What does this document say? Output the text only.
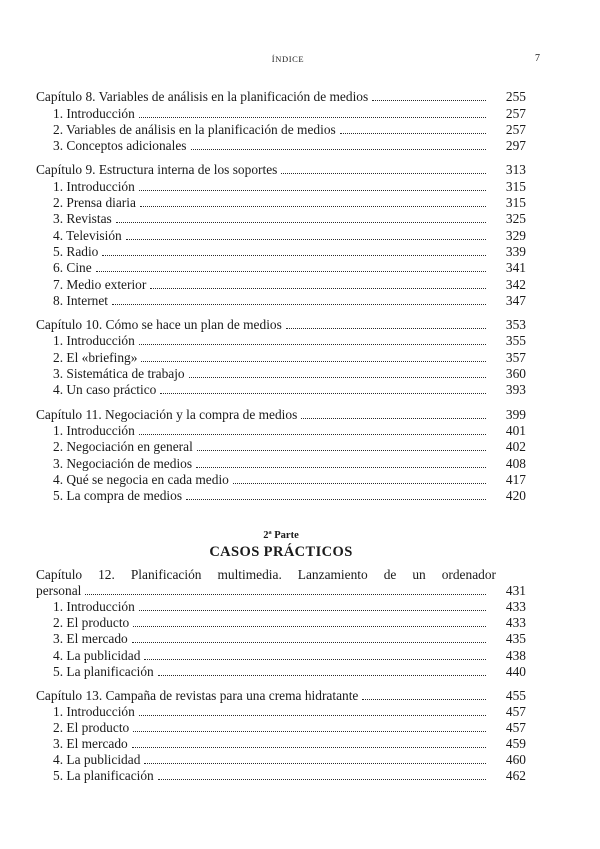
ÍNDICE	7
Capítulo 8. Variables de análisis en la planificación de medios	255
1. Introducción	257
2. Variables de análisis en la planificación de medios	257
3. Conceptos adicionales	297
Capítulo 9. Estructura interna de los soportes	313
1. Introducción	315
2. Prensa diaria	315
3. Revistas	325
4. Televisión	329
5. Radio	339
6. Cine	341
7. Medio exterior	342
8. Internet	347
Capítulo 10. Cómo se hace un plan de medios	353
1. Introducción	355
2. El «briefing»	357
3. Sistemática de trabajo	360
4. Un caso práctico	393
Capítulo 11. Negociación y la compra de medios	399
1. Introducción	401
2. Negociación en general	402
3. Negociación de medios	408
4. Qué se negocia en cada medio	417
5. La compra de medios	420
2ª Parte
CASOS PRÁCTICOS
Capítulo 12. Planificación multimedia. Lanzamiento de un ordenador
personal	431
1. Introducción	433
2. El producto	433
3. El mercado	435
4. La publicidad	438
5. La planificación	440
Capítulo 13. Campaña de revistas para una crema hidratante	455
1. Introducción	457
2. El producto	457
3. El mercado	459
4. La publicidad	460
5. La planificación	462
